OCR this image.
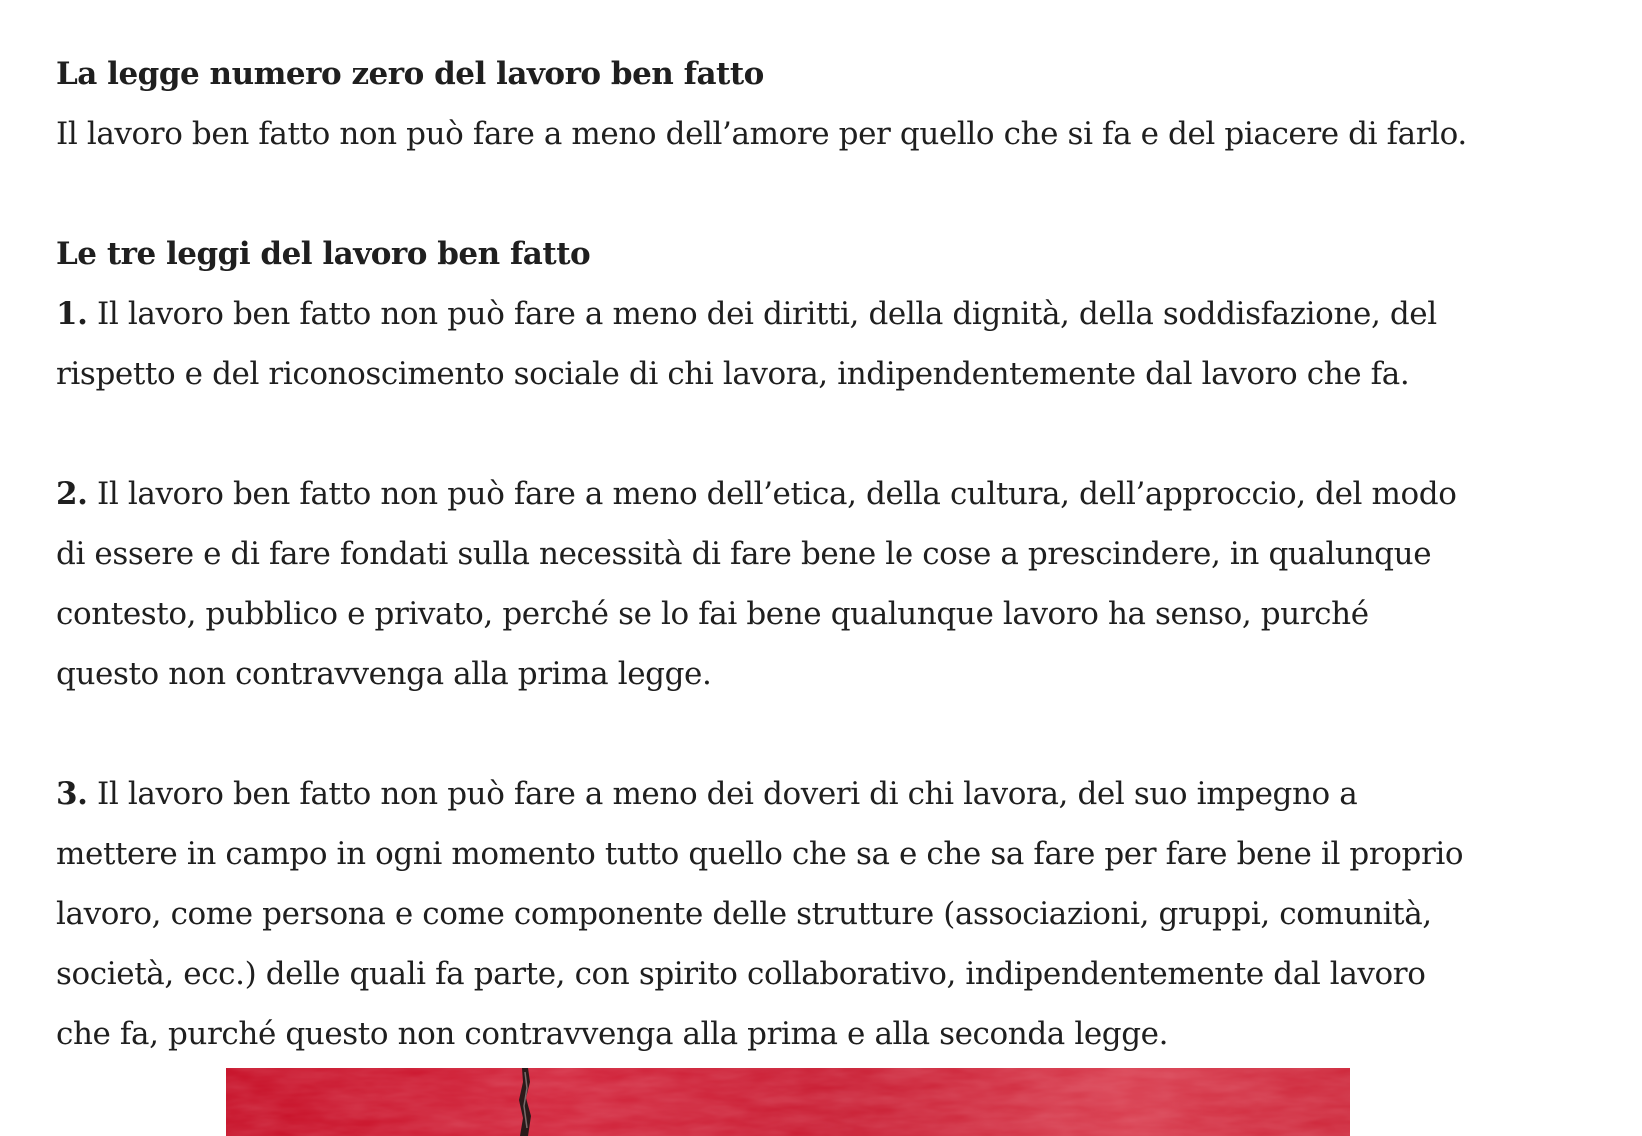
La legge numero zero del lavoro ben fatto

Il lavoro ben fatto non può fare a meno dell’amore per quello che si fa e del piacere di farlo.

Le tre leggi del lavoro ben fatto

1. Il lavoro ben fatto non può fare a meno dei diritti, della dignità, della soddisfazione, del

rispetto e del riconoscimento sociale di chi lavora, indipendentemente dal lavoro che fa.

2. Il lavoro ben fatto non può fare a meno dell’etica, della cultura, dell’approccio, del modo

di essere e di fare fondati sulla necessità di fare bene le cose a prescindere, in qualunque

contesto, pubblico e privato, perché se lo fai bene qualunque lavoro ha senso, purché

questo non contravvenga alla prima legge.

3. Il lavoro ben fatto non può fare a meno dei doveri di chi lavora, del suo impegno a

mettere in campo in ogni momento tutto quello che sa e che sa fare per fare bene il proprio

lavoro, come persona e come componente delle strutture (associazioni, gruppi, comunità,

società, ecc.) delle quali fa parte, con spirito collaborativo, indipendentemente dal lavoro

che fa, purché questo non contravvenga alla prima e alla seconda legge.
